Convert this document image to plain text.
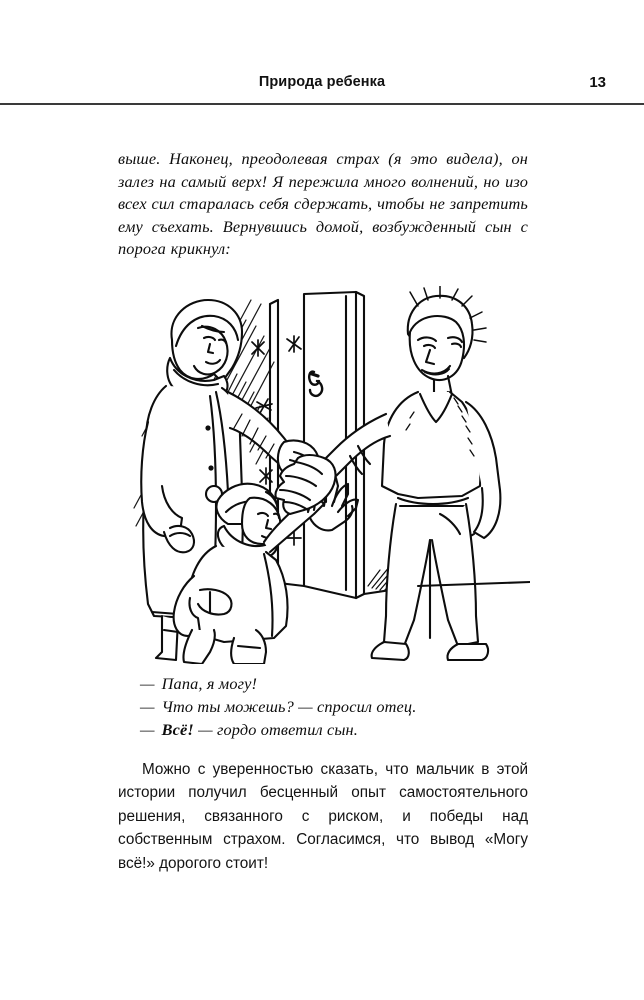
Природа ребенка	13
выше. Наконец, преодолевая страх (я это видела), он залез на самый верх! Я пережила много волнений, но изо всех сил старалась себя сдержать, чтобы не запретить ему съехать. Вернувшись домой, возбужденный сын с порога крикнул:
— Папа, я могу!
— Что ты можешь? — спросил отец.
— Всё! — гордо ответил сын.
Можно с уверенностью сказать, что мальчик в этой истории получил бесценный опыт самостоятельного решения, связанного с риском, и победы над собственным страхом. Согласимся, что вывод «Могу всё!» дорогого стоит!
